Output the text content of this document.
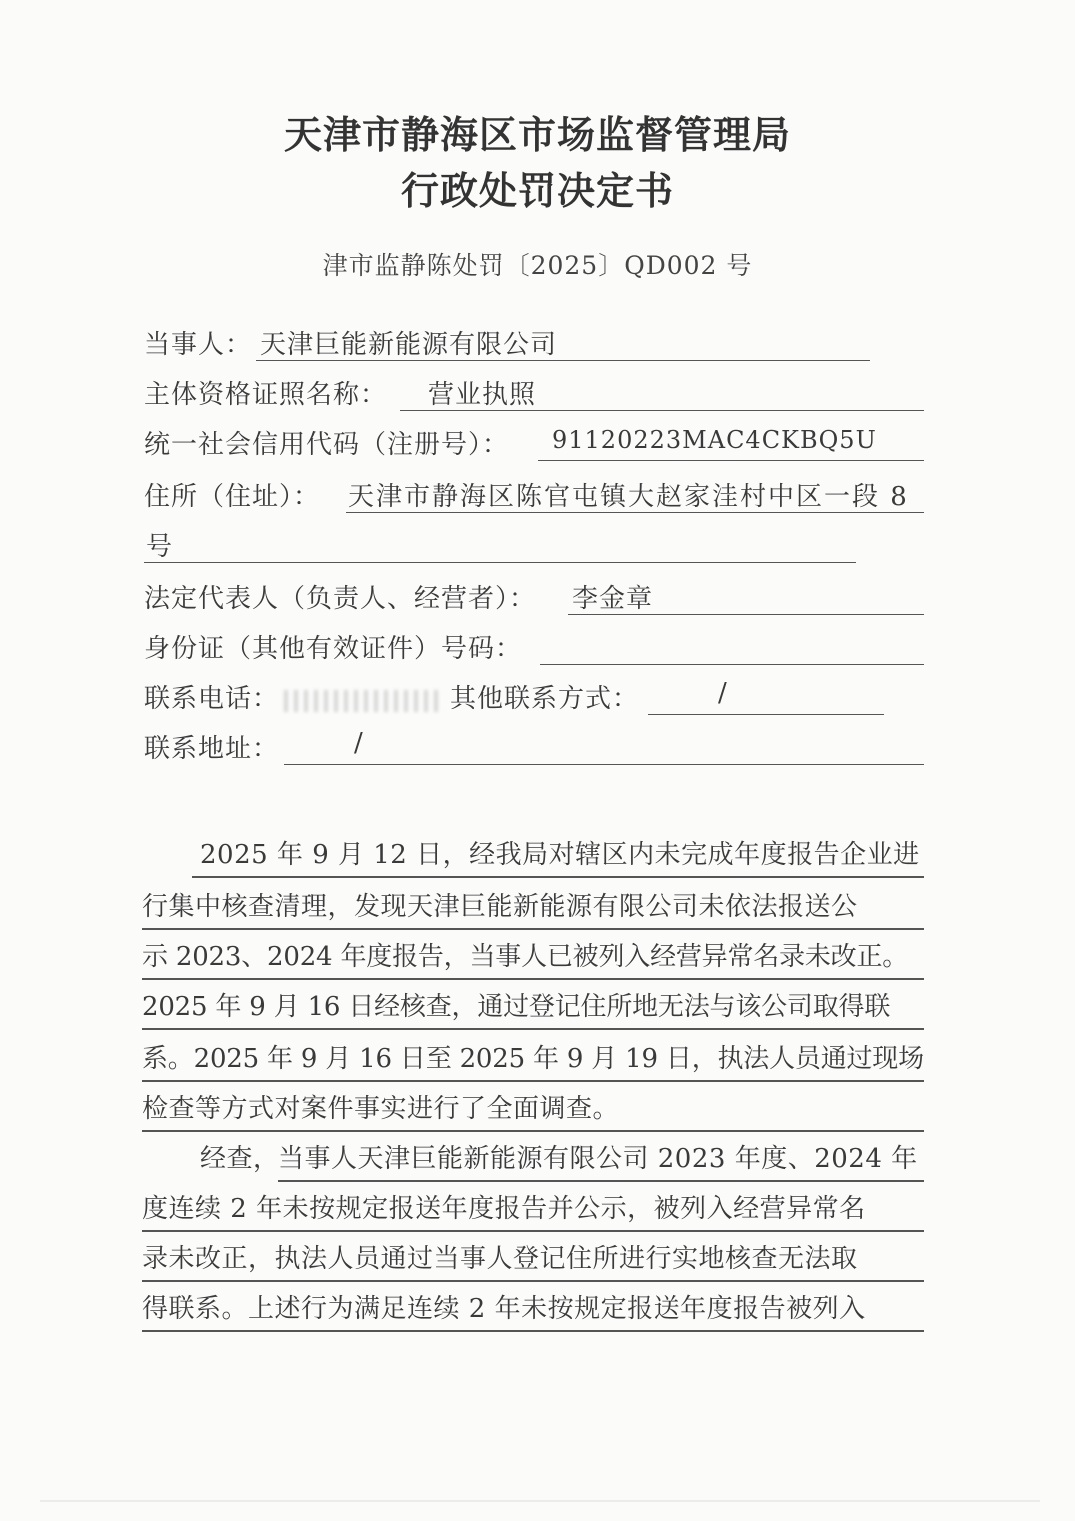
天津市静海区市场监督管理局
行政处罚决定书
津市监静陈处罚〔2025〕QD002 号
当事人： 天津巨能新能源有限公司
主体资格证照名称： 营业执照
统一社会信用代码（注册号）： 91120223MAC4CKBQ5U
住所（住址）： 天津市静海区陈官屯镇大赵家洼村中区一段 8
号
法定代表人（负责人、经营者）： 李金章
身份证（其他有效证件）号码：
联系电话：	其他联系方式：	/
联系地址：	/
2025 年 9 月 12 日，经我局对辖区内未完成年度报告企业进
行集中核查清理，发现天津巨能新能源有限公司未依法报送公
示 2023、2024 年度报告，当事人已被列入经营异常名录未改正。
2025 年 9 月 16 日经核查，通过登记住所地无法与该公司取得联
系。2025 年 9 月 16 日至 2025 年 9 月 19 日，执法人员通过现场
检查等方式对案件事实进行了全面调查。
经查，
当事人天津巨能新能源有限公司 2023 年度、2024 年
度连续 2 年未按规定报送年度报告并公示，被列入经营异常名
录未改正，执法人员通过当事人登记住所进行实地核查无法取
得联系。上述行为满足连续 2 年未按规定报送年度报告被列入
